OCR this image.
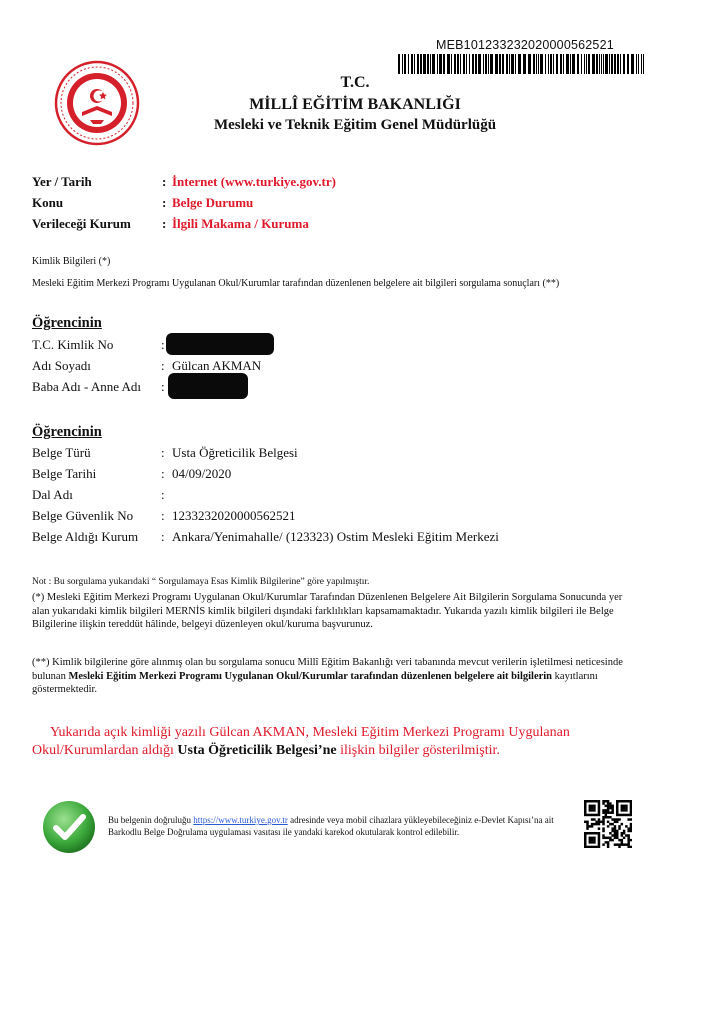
MEB101233232020000562521
T.C.
MİLLÎ EĞİTİM BAKANLIĞI
Mesleki ve Teknik Eğitim Genel Müdürlüğü
Yer / Tarih	: İnternet (www.turkiye.gov.tr)
Konu	: Belge Durumu
Verileceği Kurum	: İlgili Makama / Kuruma
Kimlik Bilgileri (*)
Mesleki Eğitim Merkezi Programı Uygulanan Okul/Kurumlar tarafından düzenlenen belgelere ait bilgileri sorgulama sonuçları (**)
Öğrencinin
T.C. Kimlik No	:
Adı Soyadı	: Gülcan AKMAN
Baba Adı - Anne Adı :
Öğrencinin
Belge Türü	: Usta Öğreticilik Belgesi
Belge Tarihi	: 04/09/2020
Dal Adı	:
Belge Güvenlik No : 1233232020000562521
Belge Aldığı Kurum : Ankara/Yenimahalle/ (123323) Ostim Mesleki Eğitim Merkezi
Not : Bu sorgulama yukarıdaki “ Sorgulamaya Esas Kimlik Bilgilerine” göre yapılmıştır.
(*) Mesleki Eğitim Merkezi Programı Uygulanan Okul/Kurumlar Tarafından Düzenlenen Belgelere Ait Bilgilerin Sorgulama Sonucunda yer alan yukarıdaki kimlik bilgileri MERNİS kimlik bilgileri dışındaki farklılıkları kapsamamaktadır. Yukarıda yazılı kimlik bilgileri ile Belge Bilgilerine ilişkin tereddüt hâlinde, belgeyi düzenleyen okul/kuruma başvurunuz.
(**) Kimlik bilgilerine göre alınmış olan bu sorgulama sonucu Millî Eğitim Bakanlığı veri tabanında mevcut verilerin işletilmesi neticesinde bulunan Mesleki Eğitim Merkezi Programı Uygulanan Okul/Kurumlar tarafından düzenlenen belgelere ait bilgilerin kayıtlarını göstermektedir.
Yukarıda açık kimliği yazılı Gülcan AKMAN, Mesleki Eğitim Merkezi Programı Uygulanan Okul/Kurumlardan aldığı Usta Öğreticilik Belgesi’ne ilişkin bilgiler gösterilmiştir.
Bu belgenin doğruluğu https://www.turkiye.gov.tr adresinde veya mobil cihazlara yükleyebileceğiniz e-Devlet Kapısı’na ait Barkodlu Belge Doğrulama uygulaması vasıtası ile yandaki karekod okutularak kontrol edilebilir.
